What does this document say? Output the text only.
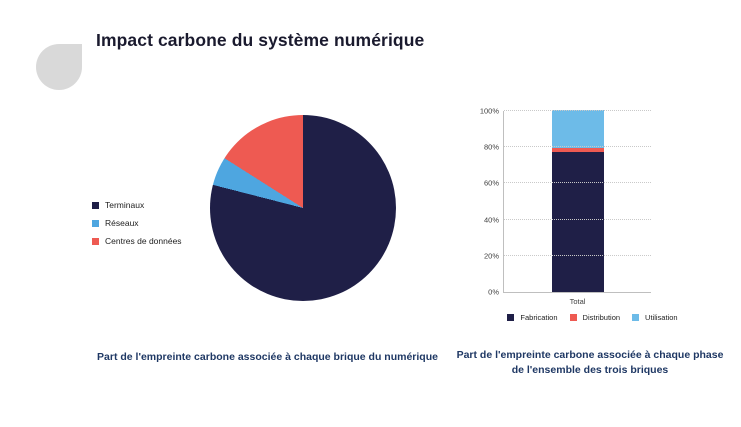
Impact carbone du système numérique
Terminaux
Réseaux
Centres de données
Part de l'empreinte carbone associée à chaque brique du numérique
Total
0%
20%
40%
60%
80%
100%
Fabrication	Distribution	Utilisation
Part de l'empreinte carbone associée à chaque phase de l'ensemble des trois briques
